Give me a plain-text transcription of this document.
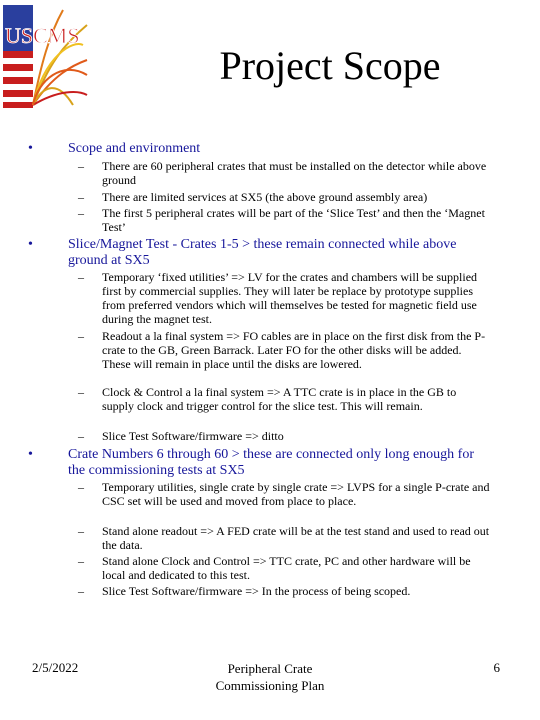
USCMS
Project Scope
•	Scope and environment
– There are 60 peripheral crates that must be installed on the detector while above ground
– There are limited services at SX5 (the above ground assembly area)
– The first 5 peripheral crates will be part of the ‘Slice Test’ and then the ‘Magnet Test’
•	Slice/Magnet Test - Crates 1-5 > these remain connected while above ground at SX5
– Temporary ‘fixed utilities’ => LV for the crates and chambers will be supplied first by commercial supplies. They will later be replace by prototype supplies from preferred vendors which will themselves be tested for magnetic field use during the magnet test.
– Readout a la final system => FO cables are in place on the first disk from the P-crate to the GB, Green Barrack. Later FO for the other disks will be added. These will remain in place until the disks are lowered.
– Clock & Control a la final system => A TTC crate is in place in the GB to supply clock and trigger control for the slice test. This will remain.
– Slice Test Software/firmware => ditto
•	Crate Numbers 6 through 60 > these are connected only long enough for the commissioning tests at SX5
– Temporary utilities, single crate by single crate => LVPS for a single P-crate and CSC set will be used and moved from place to place.
– Stand alone readout => A FED crate will be at the test stand and used to read out the data.
– Stand alone Clock and Control => TTC crate, PC and other hardware will be local and dedicated to this test.
– Slice Test Software/firmware => In the process of being scoped.
2/5/2022	Peripheral Crate
Commissioning Plan
6
